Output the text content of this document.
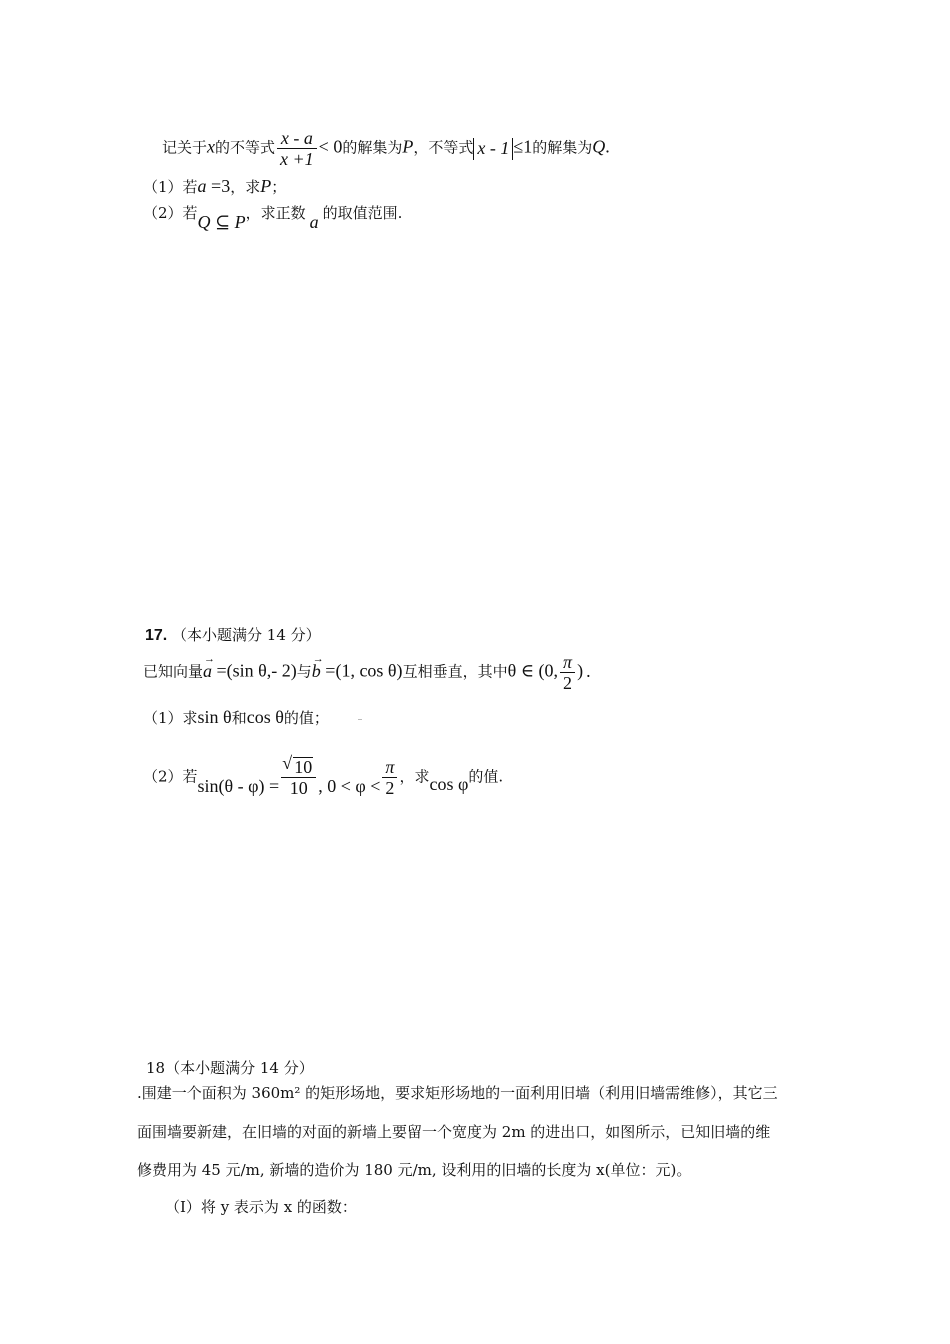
记关于x的不等式 $\frac{x - a}{x +1} < 0$的解集为P，不等式 x - 1 ≤1的解集为Q.
（1）若a =3，求P；
（2）若Q ⊆ P，求正数 a 的取值范围.
17. （本小题满分 14 分）
已知向量→ a =(sin θ,- 2)与→ b =(1, cos θ)互相垂直，其中θ ∈ (0, $\frac{\pi}{2}$ ) .
（1）求sin θ和cos θ的值；
（2）若sin(θ - φ) =
√ $\frac{10}{10}$ , $0 < \varphi < \frac{\pi}{2}$ ，求cos φ的值.
18（本小题满分 14 分）
.围建一个面积为 360m² 的矩形场地，要求矩形场地的一面利用旧墙（利用旧墙需维修），其它三
面围墙要新建，在旧墙的对面的新墙上要留一个宽度为 2m 的进出口，如图所示，已知旧墙的维
修费用为 45 元/m, 新墙的造价为 180 元/m, 设利用的旧墙的长度为 x(单位：元)。
（Ⅰ）将 y 表示为 x 的函数：
